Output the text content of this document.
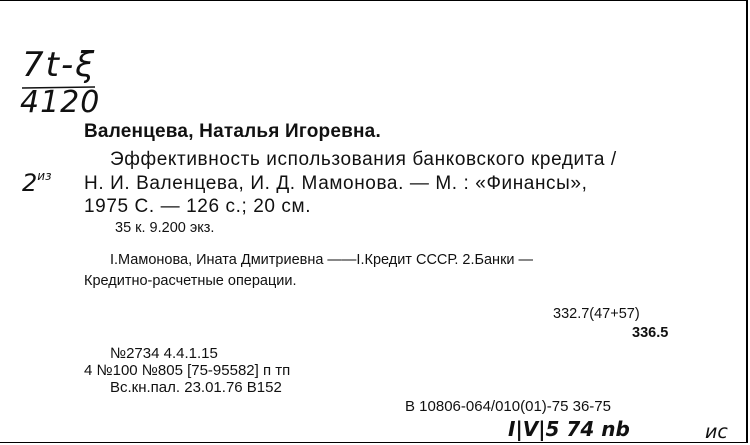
7t-ξ
4120
$2^{из}$
Валенцева, Наталья Игоревна.
Эффективность использования банковского кредита /
Н. И. Валенцева, И. Д. Мамонова. — М. : «Финансы»,
1975 С. — 126 с.; 20 см.
35 к. 9.200 экз.
I.Мамонова, Ината Дмитриевна ——I.Кредит СССР. 2.Банки —
Кредитно-расчетные операции.
332.7(47+57)
336.5
№2734 4.4.1.15
4 №100 №805 [75-95582] п тп
Вс.кн.пал. 23.01.76 В152
В 10806-064/010(01)-75 36-75
I|V|5 74 nb	ис
